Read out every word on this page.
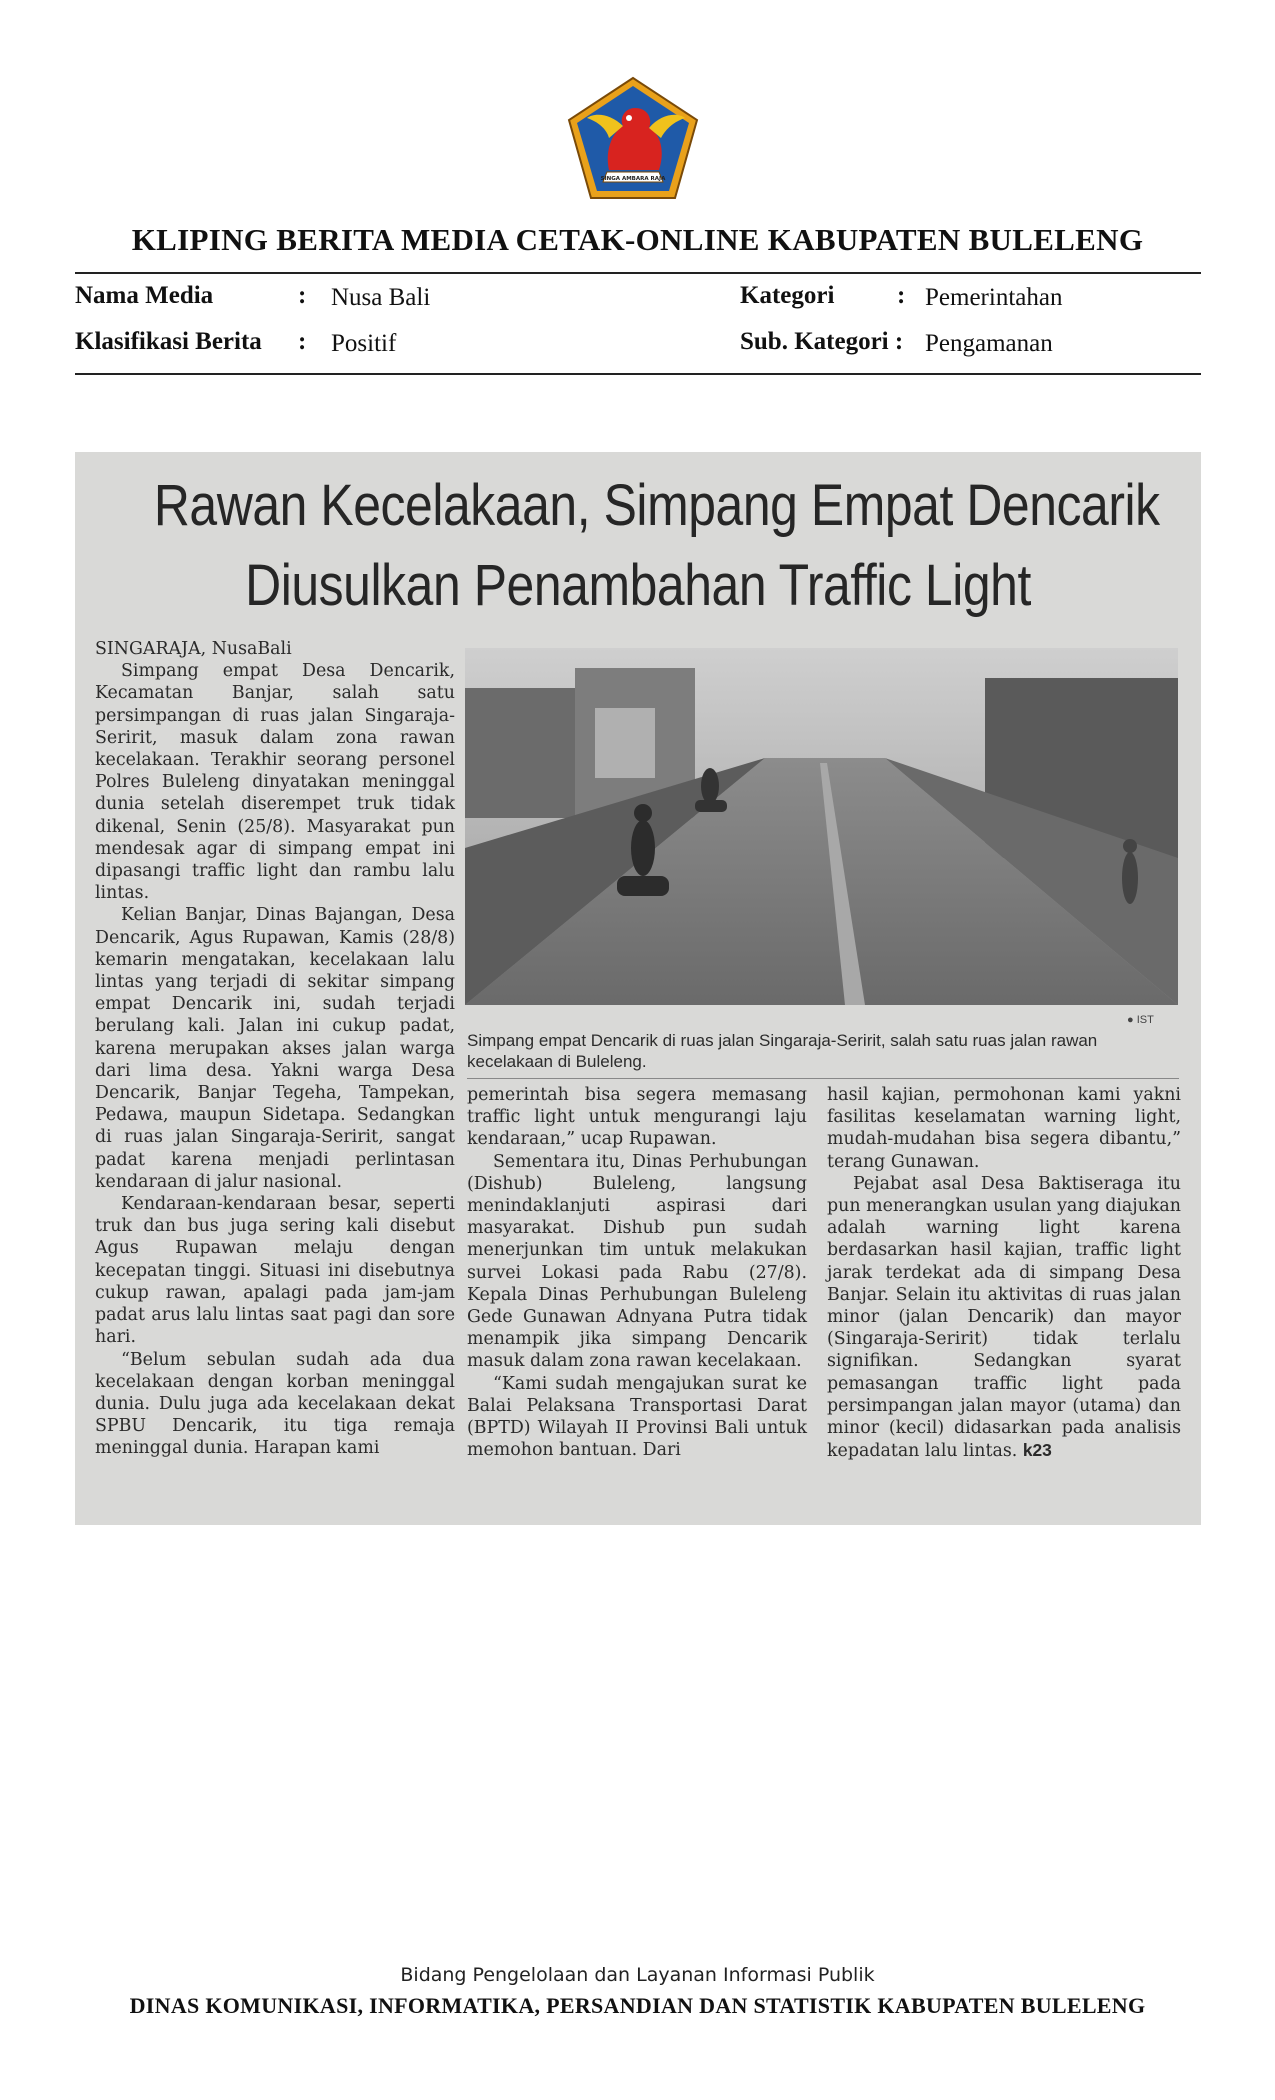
SINGA AMBARA RAJA
KLIPING BERITA MEDIA CETAK-ONLINE KABUPATEN BULELENG
Nama Media	: Nusa Bali	Kategori	: Pemerintahan
Klasifikasi Berita : Positif	Sub. Kategori : Pengamanan
Rawan Kecelakaan, Simpang Empat Dencarik
Diusulkan Penambahan Traffic Light

SINGARAJA, NusaBali

Simpang empat Desa Dencarik, Kecamatan Banjar, salah satu persimpangan di ruas jalan Singaraja-Seririt, masuk dalam zona rawan kecelakaan. Terakhir seorang personel Polres Buleleng dinyatakan meninggal dunia setelah diserempet truk tidak dikenal, Senin (25/8). Masyarakat pun mendesak agar di simpang empat ini dipasangi traffic light dan rambu lalu lintas.

Kelian Banjar, Dinas Bajangan, Desa Dencarik, Agus Rupawan, Kamis (28/8) kemarin mengatakan, kecelakaan lalu lintas yang terjadi di sekitar simpang empat Dencarik ini, sudah terjadi berulang kali. Jalan ini cukup padat, karena merupakan akses jalan warga dari lima desa. Yakni warga Desa Dencarik, Banjar Tegeha, Tampekan, Pedawa, maupun Sidetapa. Sedangkan di ruas jalan Singaraja-Seririt, sangat padat karena menjadi perlintasan kendaraan di jalur nasional.

Kendaraan-kendaraan besar, seperti truk dan bus juga sering kali disebut Agus Rupawan melaju dengan kecepatan tinggi. Situasi ini disebutnya cukup rawan, apalagi pada jam-jam padat arus lalu lintas saat pagi dan sore hari.

“Belum sebulan sudah ada dua kecelakaan dengan korban meninggal dunia. Dulu juga ada kecelakaan dekat SPBU Dencarik, itu tiga remaja meninggal dunia. Harapan kami

● IST
Simpang empat Dencarik di ruas jalan Singaraja-Seririt, salah satu ruas jalan rawan kecelakaan di Buleleng.

pemerintah bisa segera memasang traffic light untuk mengurangi laju kendaraan,” ucap Rupawan.

Sementara itu, Dinas Perhubungan (Dishub) Buleleng, langsung menindaklanjuti aspirasi dari masyarakat. Dishub pun sudah menerjunkan tim untuk melakukan survei Lokasi pada Rabu (27/8). Kepala Dinas Perhubungan Buleleng Gede Gunawan Adnyana Putra tidak menampik jika simpang Dencarik masuk dalam zona rawan kecelakaan.

“Kami sudah mengajukan surat ke Balai Pelaksana Transportasi Darat (BPTD) Wilayah II Provinsi Bali untuk memohon bantuan. Dari

hasil kajian, permohonan kami yakni fasilitas keselamatan warning light, mudah-mudahan bisa segera dibantu,” terang Gunawan.

Pejabat asal Desa Baktiseraga itu pun menerangkan usulan yang diajukan adalah warning light karena berdasarkan hasil kajian, traffic light jarak terdekat ada di simpang Desa Banjar. Selain itu aktivitas di ruas jalan minor (jalan Dencarik) dan mayor (Singaraja-Seririt) tidak terlalu signifikan. Sedangkan syarat pemasangan traffic light pada persimpangan jalan mayor (utama) dan minor (kecil) didasarkan pada analisis kepadatan lalu lintas. k23

Bidang Pengelolaan dan Layanan Informasi Publik
DINAS KOMUNIKASI, INFORMATIKA, PERSANDIAN DAN STATISTIK KABUPATEN BULELENG
